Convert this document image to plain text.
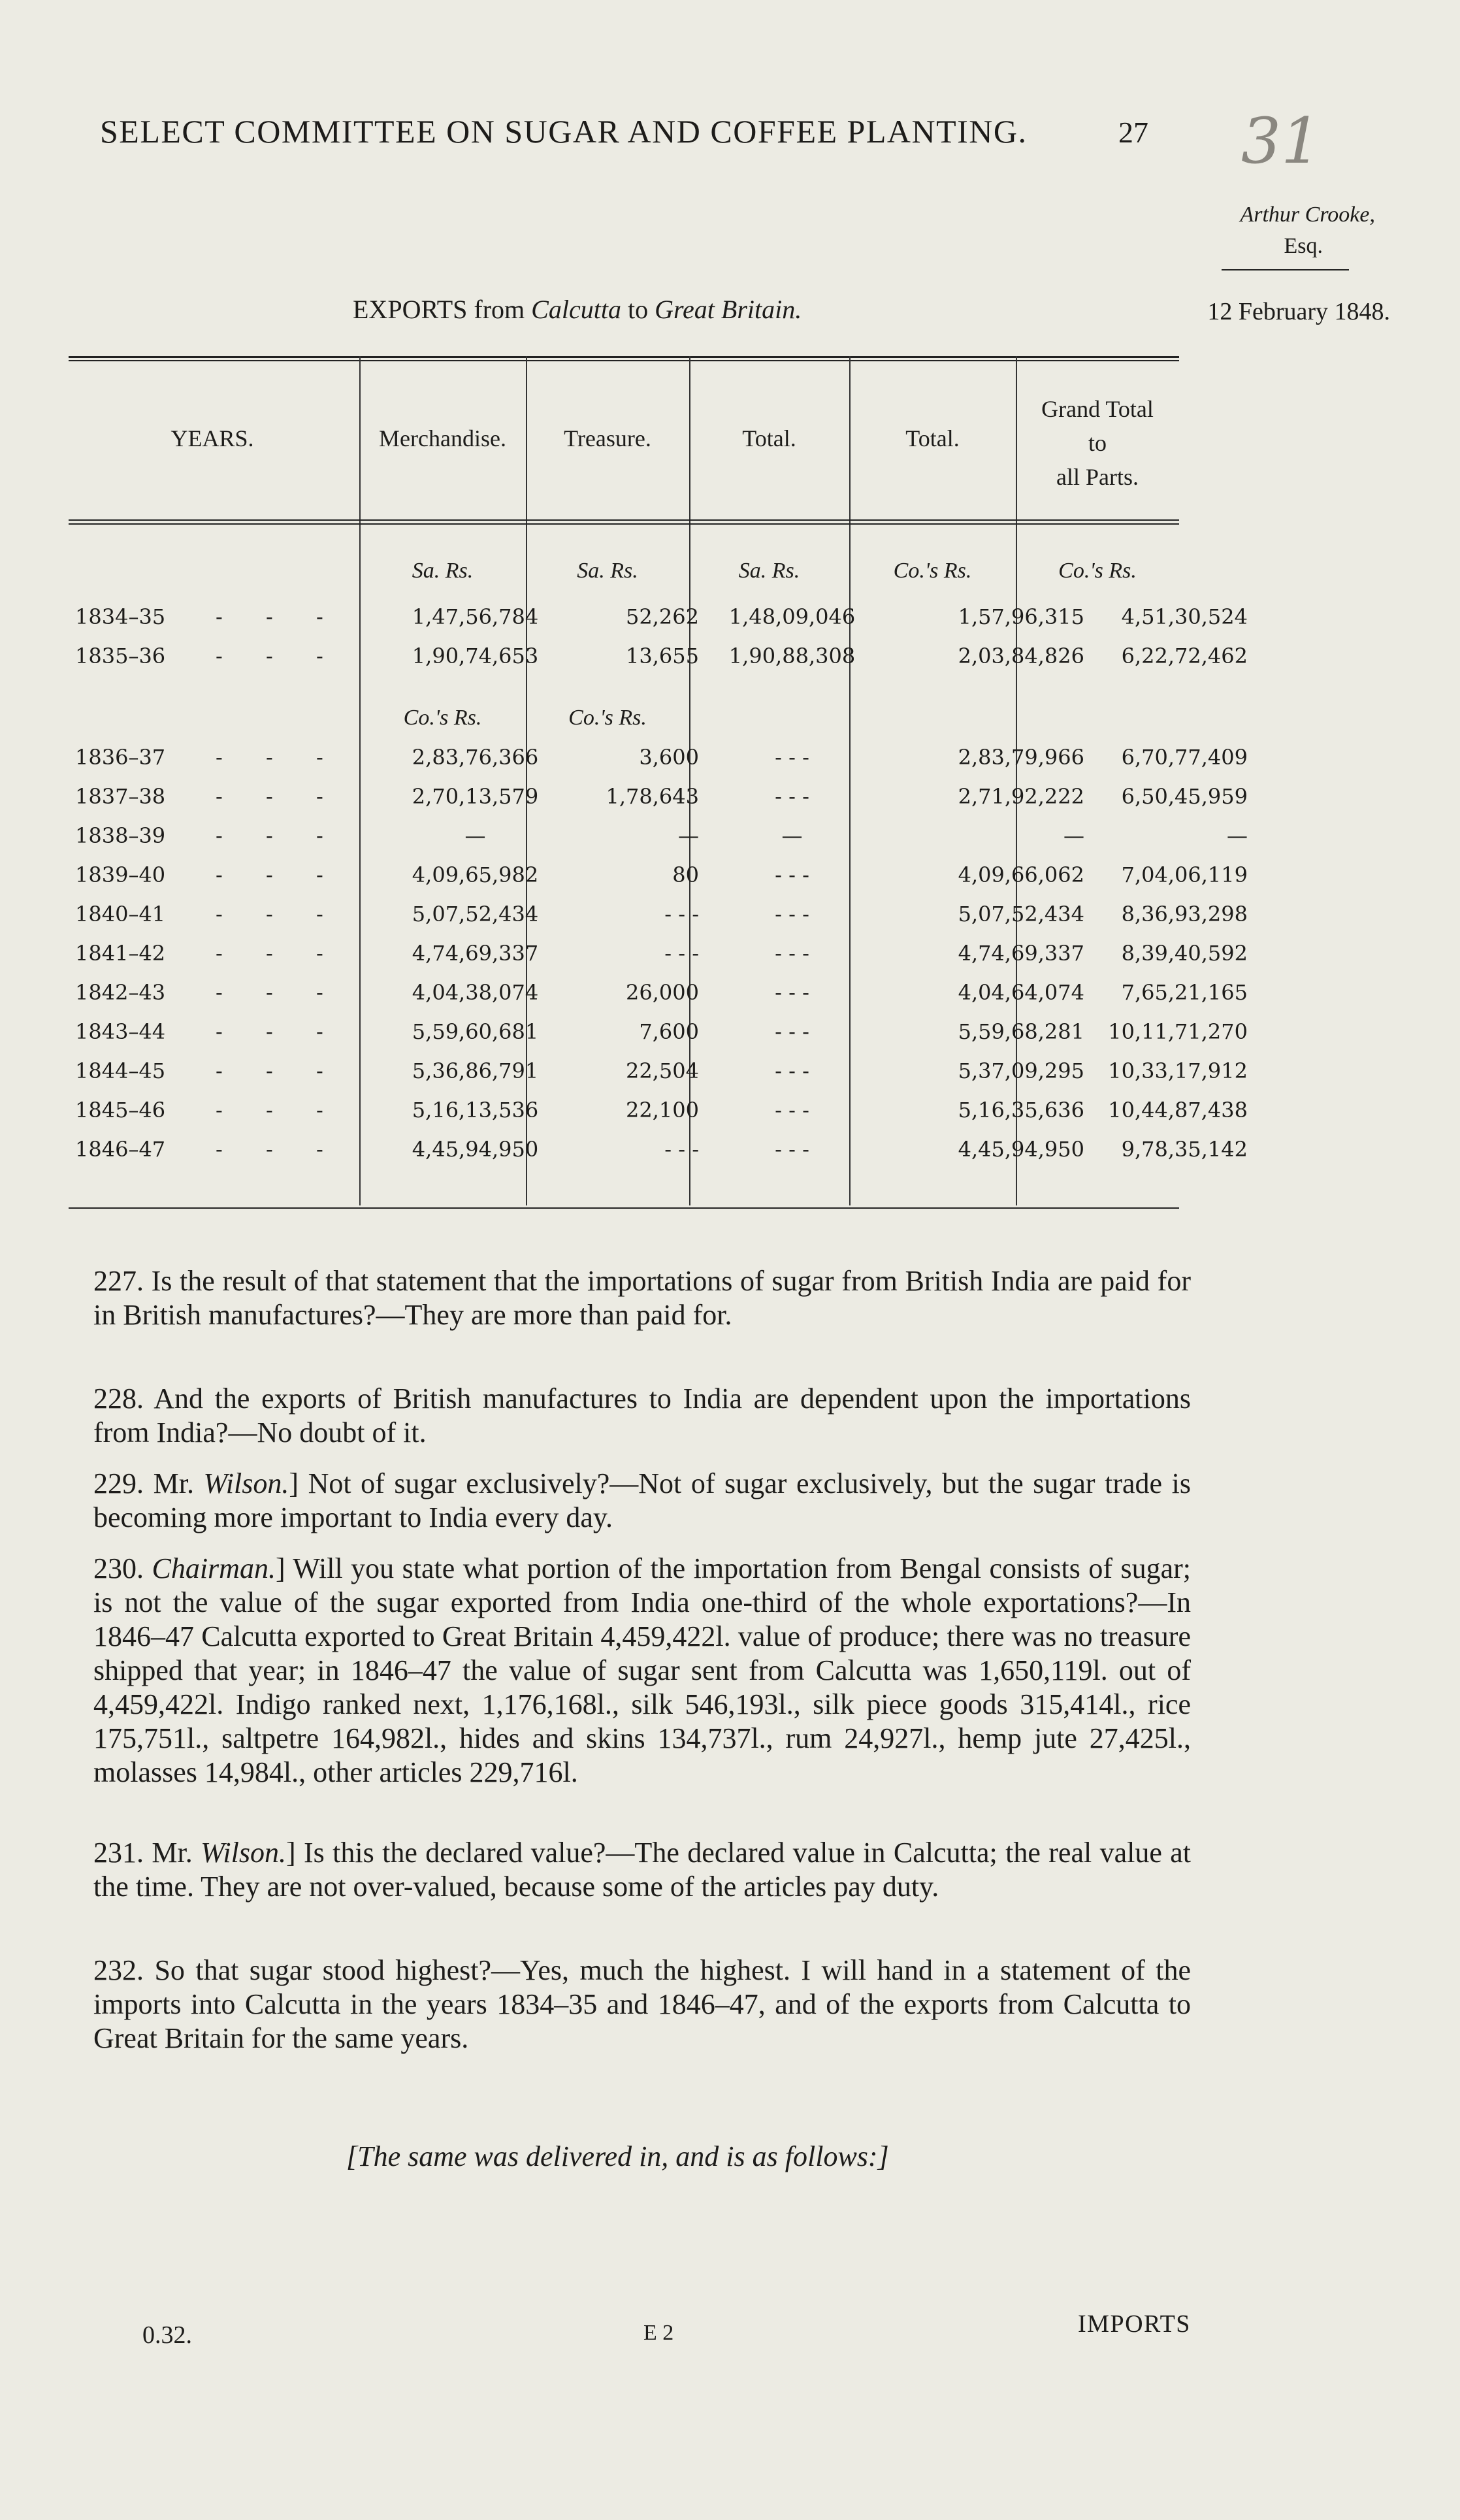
SELECT COMMITTEE ON SUGAR AND COFFEE PLANTING.	27 31
Arthur Crooke,
Esq.
12 February 1848.
EXPORTS from Calcutta to Great Britain.
YEARS.	Merchandise.	Treasure.	Total.	Total.
Grand Total
to
all Parts.
Sa. Rs.	Sa. Rs.	Sa. Rs.	Co.'s Rs.	Co.'s Rs.
Co.'s Rs.	Co.'s Rs.
1834–35	- - -	1,47,56,784	52,262	1,48,09,046	1,57,96,315	4,51,30,524
1835–36	- - -	1,90,74,653	13,655	1,90,88,308	2,03,84,826	6,22,72,462
1836–37	- - -	2,83,76,366	3,600	- - -	2,83,79,966	6,70,77,409
1837–38	- - -	2,70,13,579	1,78,643	- - -	2,71,92,222	6,50,45,959
1838–39	- - -	—	—	—	—	—
1839–40	- - -	4,09,65,982	80	- - -	4,09,66,062	7,04,06,119
1840–41	- - -	5,07,52,434	- - -	- - -	5,07,52,434	8,36,93,298
1841–42	- - -	4,74,69,337	- - -	- - -	4,74,69,337	8,39,40,592
1842–43	- - -	4,04,38,074	26,000	- - -	4,04,64,074	7,65,21,165
1843–44	- - -	5,59,60,681	7,600	- - -	5,59,68,281	10,11,71,270
1844–45	- - -	5,36,86,791	22,504	- - -	5,37,09,295	10,33,17,912
1845–46	- - -	5,16,13,536	22,100	- - -	5,16,35,636	10,44,87,438
1846–47	- - -	4,45,94,950	- - -	- - -	4,45,94,950	9,78,35,142
227. Is the result of that statement that the importations of sugar from British India are paid for in British manufactures?—They are more than paid for.
228. And the exports of British manufactures to India are dependent upon the importations from India?—No doubt of it.
229. Mr. Wilson.] Not of sugar exclusively?—Not of sugar exclusively, but the sugar trade is becoming more important to India every day.
230. Chairman.] Will you state what portion of the importation from Bengal consists of sugar; is not the value of the sugar exported from India one-third of the whole exportations?—In 1846–47 Calcutta exported to Great Britain 4,459,422l. value of produce; there was no treasure shipped that year; in 1846–47 the value of sugar sent from Calcutta was 1,650,119l. out of 4,459,422l. Indigo ranked next, 1,176,168l., silk 546,193l., silk piece goods 315,414l., rice 175,751l., saltpetre 164,982l., hides and skins 134,737l., rum 24,927l., hemp jute 27,425l., molasses 14,984l., other articles 229,716l.
231. Mr. Wilson.] Is this the declared value?—The declared value in Calcutta; the real value at the time. They are not over-valued, because some of the articles pay duty.
232. So that sugar stood highest?—Yes, much the highest. I will hand in a statement of the imports into Calcutta in the years 1834–35 and 1846–47, and of the exports from Calcutta to Great Britain for the same years.
[The same was delivered in, and is as follows:]
0.32.	E 2	IMPORTS
